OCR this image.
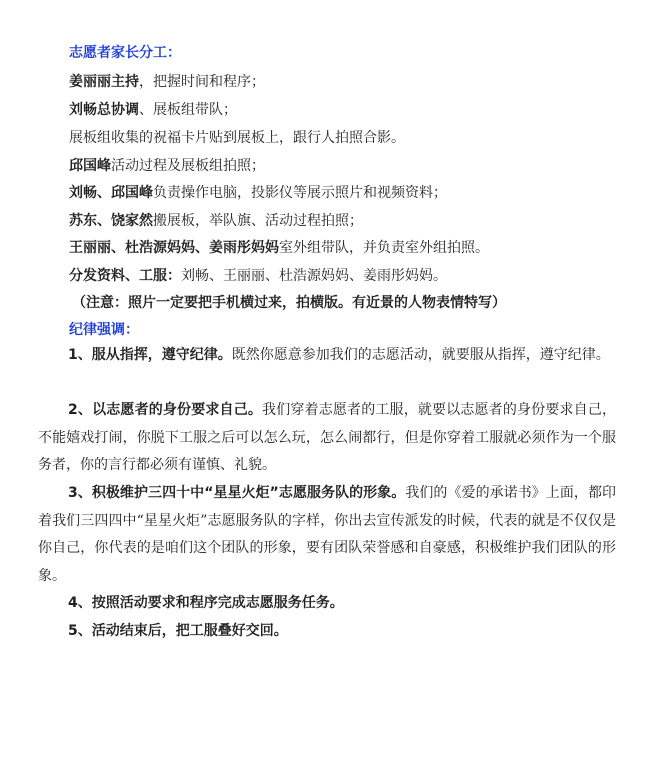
志愿者家长分工：
姜丽丽主持，把握时间和程序；
刘畅总协调、展板组带队；
展板组收集的祝福卡片贴到展板上，跟行人拍照合影。
邱国峰活动过程及展板组拍照；
刘畅、邱国峰负责操作电脑，投影仪等展示照片和视频资料；
苏东、饶家然搬展板，举队旗、活动过程拍照；
王丽丽、杜浩源妈妈、姜雨彤妈妈室外组带队，并负责室外组拍照。
分发资料、工服：刘畅、王丽丽、杜浩源妈妈、姜雨彤妈妈。
（注意：照片一定要把手机横过来，拍横版。有近景的人物表情特写）
纪律强调：
1、服从指挥，遵守纪律。既然你愿意参加我们的志愿活动，就要服从指挥，遵守纪律。
2、以志愿者的身份要求自己。我们穿着志愿者的工服，就要以志愿者的身份要求自己，不能嬉戏打闹，你脱下工服之后可以怎么玩，怎么闹都行，但是你穿着工服就必须作为一个服务者，你的言行都必须有谨慎、礼貌。
3、积极维护三四十中“星星火炬”志愿服务队的形象。我们的《爱的承诺书》上面，都印着我们三四四中“星星火炬”志愿服务队的字样，你出去宣传派发的时候，代表的就是不仅仅是你自己，你代表的是咱们这个团队的形象，要有团队荣誉感和自豪感，积极维护我们团队的形象。
4、按照活动要求和程序完成志愿服务任务。
5、活动结束后，把工服叠好交回。
